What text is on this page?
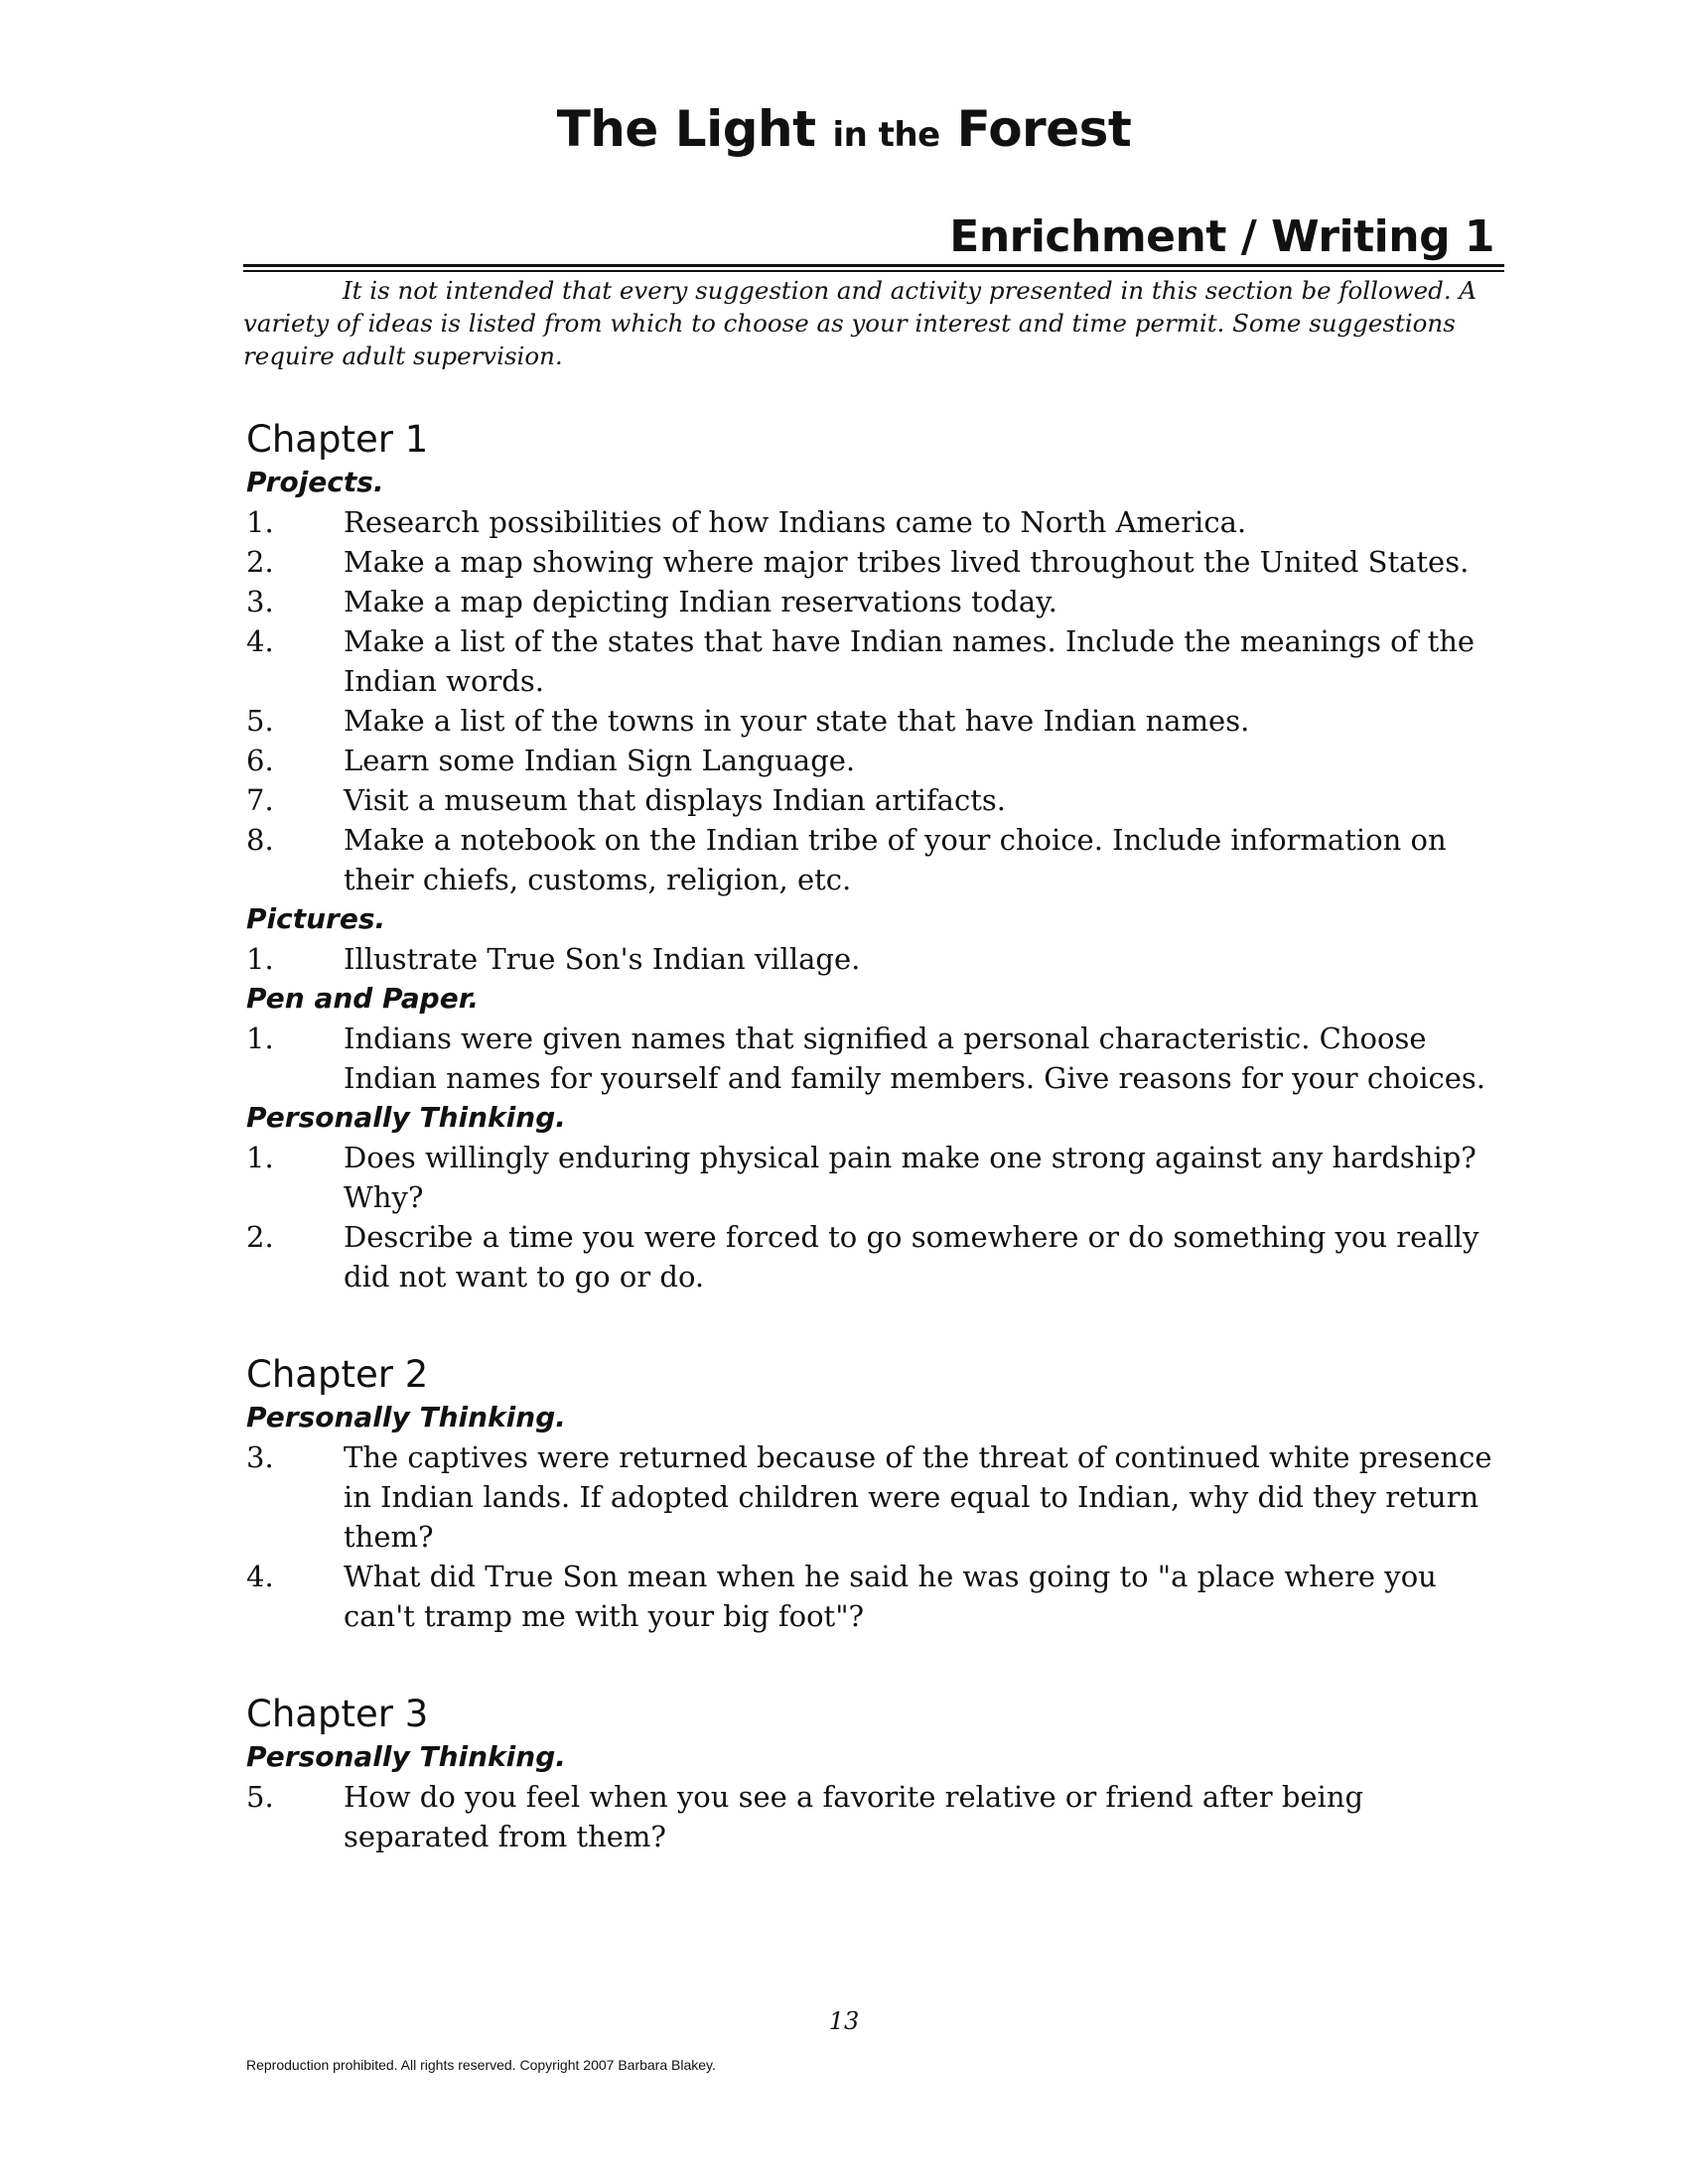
The Light in the Forest
Enrichment / Writing 1

It is not intended that every suggestion and activity presented in this section be followed. A variety of ideas is listed from which to choose as your interest and time permit. Some suggestions require adult supervision.

Chapter 1
Projects.
1.	Research possibilities of how Indians came to North America.
2.	Make a map showing where major tribes lived throughout the United States.
3.	Make a map depicting Indian reservations today.
4.	Make a list of the states that have Indian names. Include the meanings of the Indian words.
5.	Make a list of the towns in your state that have Indian names.
6.	Learn some Indian Sign Language.
7.	Visit a museum that displays Indian artifacts.
8.	Make a notebook on the Indian tribe of your choice. Include information on their chiefs, customs, religion, etc.
Pictures.
1.	Illustrate True Son's Indian village.
Pen and Paper.
1.	Indians were given names that signified a personal characteristic. Choose Indian names for yourself and family members. Give reasons for your choices.
Personally Thinking.
1.	Does willingly enduring physical pain make one strong against any hardship? Why?
2.	Describe a time you were forced to go somewhere or do something you really did not want to go or do.
Chapter 2
Personally Thinking.
3.	The captives were returned because of the threat of continued white presence in Indian lands. If adopted children were equal to Indian, why did they return them?
4.	What did True Son mean when he said he was going to "a place where you can't tramp me with your big foot"?
Chapter 3
Personally Thinking.
5.	How do you feel when you see a favorite relative or friend after being separated from them?
13
Reproduction prohibited. All rights reserved. Copyright 2007 Barbara Blakey.
